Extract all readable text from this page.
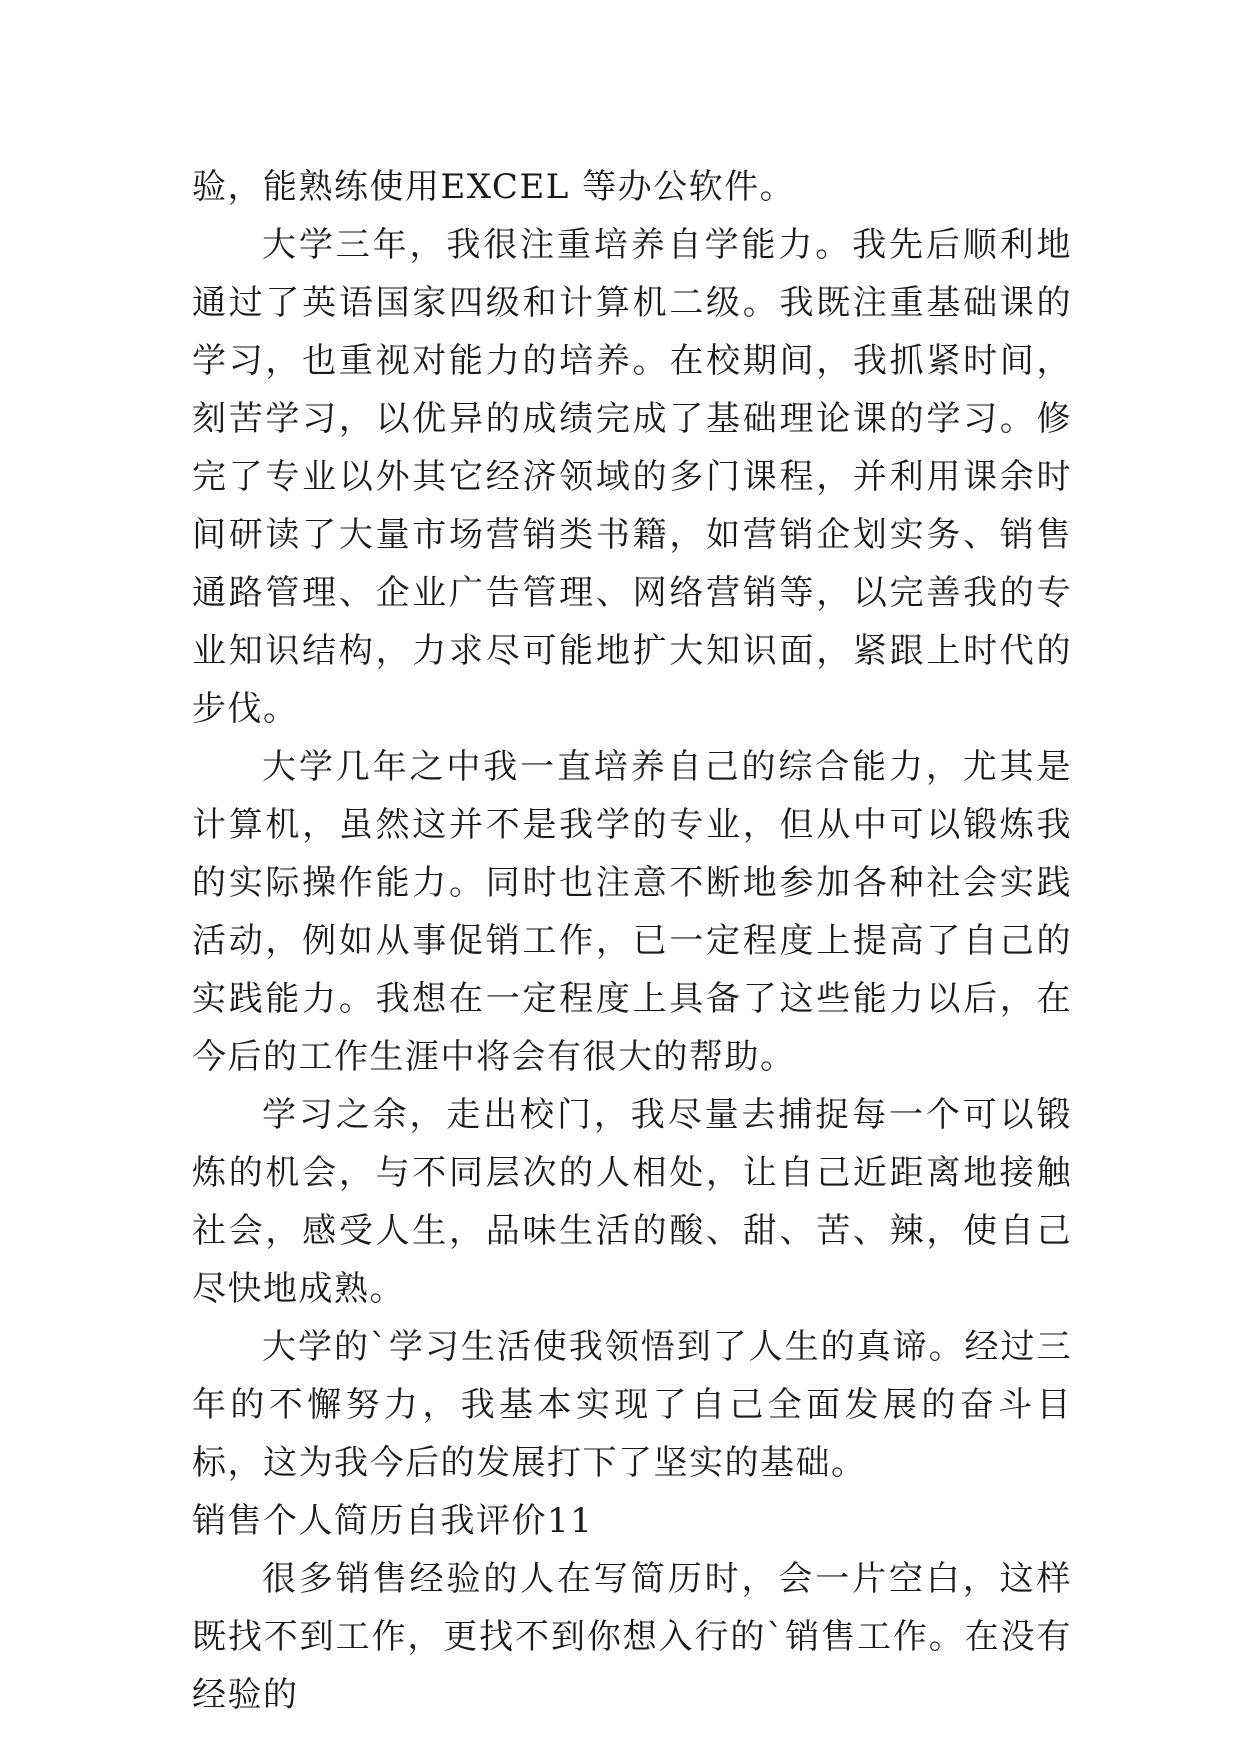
验，能熟练使用EXCEL 等办公软件。

大学三年，我很注重培养自学能力。我先后顺利地通过了英语国家四级和计算机二级。我既注重基础课的学习，也重视对能力的培养。在校期间，我抓紧时间，刻苦学习，以优异的成绩完成了基础理论课的学习。修完了专业以外其它经济领域的多门课程，并利用课余时间研读了大量市场营销类书籍，如营销企划实务、销售通路管理、企业广告管理、网络营销等，以完善我的专业知识结构，力求尽可能地扩大知识面，紧跟上时代的步伐。

大学几年之中我一直培养自己的综合能力，尤其是计算机，虽然这并不是我学的专业，但从中可以锻炼我的实际操作能力。同时也注意不断地参加各种社会实践活动，例如从事促销工作，已一定程度上提高了自己的实践能力。我想在一定程度上具备了这些能力以后，在今后的工作生涯中将会有很大的帮助。

学习之余，走出校门，我尽量去捕捉每一个可以锻炼的机会，与不同层次的人相处，让自己近距离地接触社会，感受人生，品味生活的酸、甜、苦、辣，使自己尽快地成熟。

大学的`学习生活使我领悟到了人生的真谛。经过三年的不懈努力，我基本实现了自己全面发展的奋斗目标，这为我今后的发展打下了坚实的基础。

销售个人简历自我评价11

很多销售经验的人在写简历时，会一片空白，这样既找不到工作，更找不到你想入行的`销售工作。在没有经验的
